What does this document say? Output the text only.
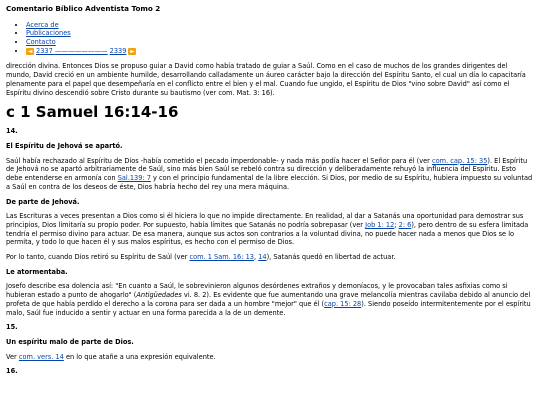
Comentario Bíblico Adventista Tomo 2
• Acerca de
• Publicaciones
• Contacto
• ◄ 2337 ———————— 2339 ►

dirección divina. Entonces Dios se propuso guiar a David como había tratado de guiar a Saúl. Como en el caso de muchos de los grandes dirigentes del mundo, David creció en un ambiente humilde, desarrollando calladamente un áureo carácter bajo la dirección del Espíritu Santo, el cual un día lo capacitaría plenamente para el papel que desempeñaría en el conflicto entre el bien y el mal. Cuando fue ungido, el Espíritu de Dios "vino sobre David" así como el Espíritu divino descendió sobre Cristo durante su bautismo (ver com. Mat. 3: 16).

c 1 Samuel 16:14-16
14.
El Espíritu de Jehová se apartó.

Saúl había rechazado al Espíritu de Dios -había cometido el pecado imperdonable- y nada más podía hacer el Señor para él (ver com. cap. 15: 35). El Espíritu de Jehová no se apartó arbitrariamente de Saúl, sino más bien Saúl se rebeló contra su dirección y deliberadamente rehuyó la influencia del Espíritu. Esto debe entenderse en armonía con Sal.139: 7 y con el principio fundamental de la libre elección. Si Dios, por medio de su Espíritu, hubiera impuesto su voluntad a Saúl en contra de los deseos de éste, Dios habría hecho del rey una mera máquina.

De parte de Jehová.

Las Escrituras a veces presentan a Dios como si él hiciera lo que no impide directamente. En realidad, al dar a Satanás una oportunidad para demostrar sus principios, Dios limitaría su propio poder. Por supuesto, había límites que Satanás no podría sobrepasar (ver Job 1: 12; 2: 6), pero dentro de su esfera limitada tendría el permiso divino para actuar. De esa manera, aunque sus actos son contrarios a la voluntad divina, no puede hacer nada a menos que Dios se lo permita, y todo lo que hacen él y sus malos espíritus, es hecho con el permiso de Dios.

Por lo tanto, cuando Dios retiró su Espíritu de Saúl (ver com. 1 Sam. 16: 13, 14), Satanás quedó en libertad de actuar.

Le atormentaba.

Josefo describe esa dolencia así: "En cuanto a Saúl, le sobrevinieron algunos desórdenes extraños y demoníacos, y le provocaban tales asfixias como si hubieran estado a punto de ahogarlo" (Antigüedades vi. 8. 2). Es evidente que fue aumentando una grave melancolía mientras cavilaba debido al anuncio del profeta de que había perdido el derecho a la corona para ser dada a un hombre "mejor" que él (cap. 15: 28). Siendo poseído intermitentemente por el espíritu malo, Saúl fue inducido a sentir y actuar en una forma parecida a la de un demente.

15.
Un espíritu malo de parte de Dios.

Ver com. vers. 14 en lo que atañe a una expresión equivalente.

16.
